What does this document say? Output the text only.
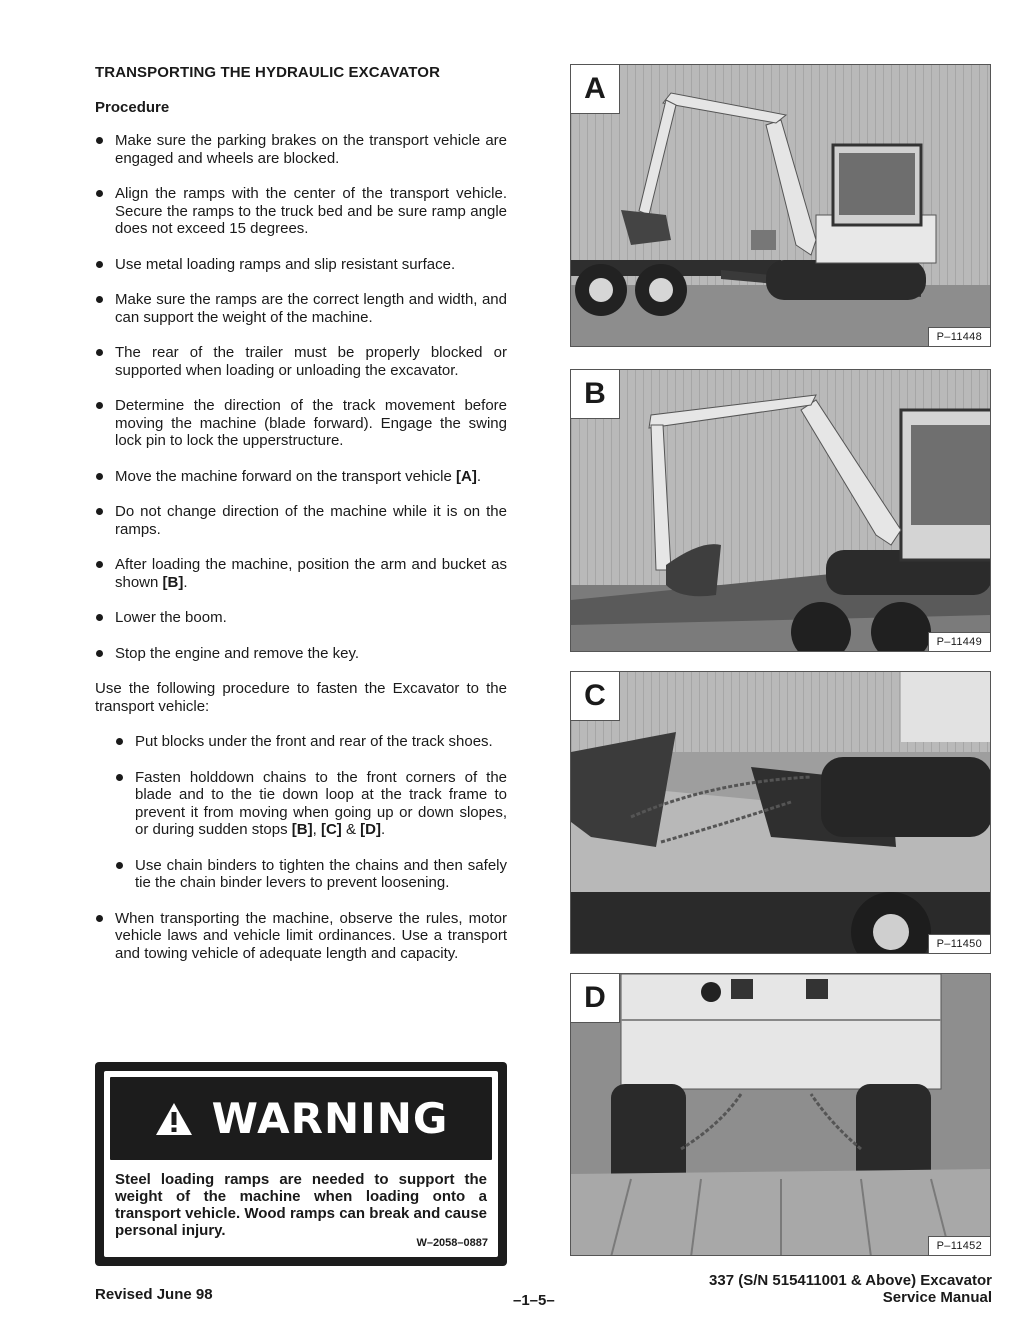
TRANSPORTING THE HYDRAULIC EXCAVATOR
Procedure
Make sure the parking brakes on the transport vehicle are engaged and wheels are blocked.
Align the ramps with the center of the transport vehicle. Secure the ramps to the truck bed and be sure ramp angle does not exceed 15 degrees.
Use metal loading ramps and slip resistant surface.
Make sure the ramps are the correct length and width, and can support the weight of the machine.
The rear of the trailer must be properly blocked or supported when loading or unloading the excavator.
Determine the direction of the track movement before moving the machine (blade forward). Engage the swing lock pin to lock the upperstructure.
Move the machine forward on the transport vehicle [A].
Do not change direction of the machine while it is on the ramps.
After loading the machine, position the arm and bucket as shown [B].
Lower the boom.
Stop the engine and remove the key.

Use the following procedure to fasten the Excavator to the transport vehicle:

Put blocks under the front and rear of the track shoes.
Fasten holddown chains to the front corners of the blade and to the tie down loop at the track frame to prevent it from moving when going up or down slopes, or during sudden stops [B], [C] & [D].
Use chain binders to tighten the chains and then safely tie the chain binder levers to prevent loosening.
When transporting the machine, observe the rules, motor vehicle laws and vehicle limit ordinances. Use a transport and towing vehicle of adequate length and capacity.
WARNING
Steel loading ramps are needed to support the weight of the machine when loading onto a transport vehicle. Wood ramps can break and cause personal injury.
W–2058–0887
A
P–11448
B
P–11449
C
P–11450
D
P–11452
Revised June 98	–1–5–
337 (S/N 515411001 & Above) Excavator
Service Manual
